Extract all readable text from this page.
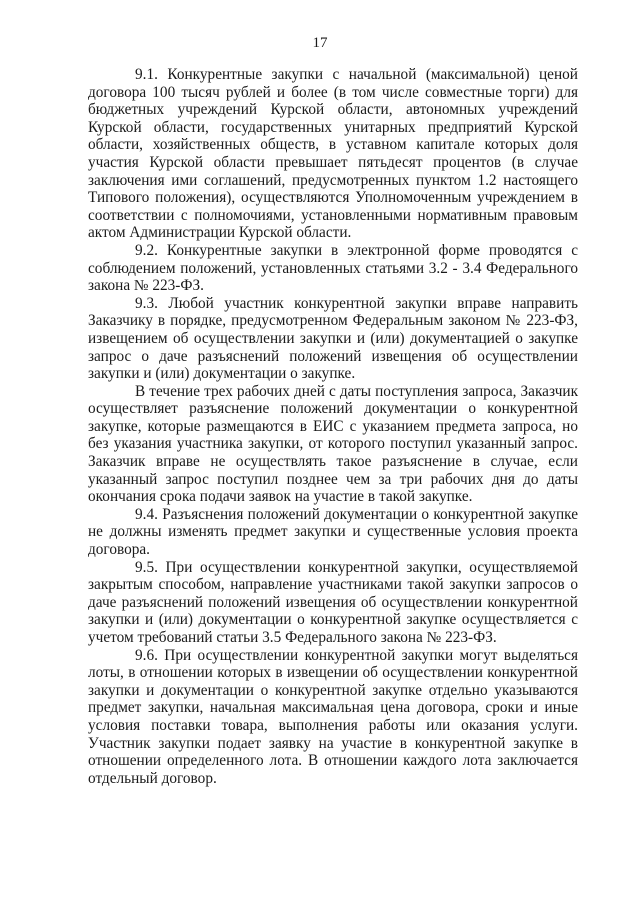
17

9.1. Конкурентные закупки с начальной (максимальной) ценой договора 100 тысяч рублей и более (в том числе совместные торги) для бюджетных учреждений Курской области, автономных учреждений Курской области, государственных унитарных предприятий Курской области, хозяйственных обществ, в уставном капитале которых доля участия Курской области превышает пятьдесят процентов (в случае заключения ими соглашений, предусмотренных пунктом 1.2 настоящего Типового положения), осуществляются Уполномоченным учреждением в соответствии с полномочиями, установленными нормативным правовым актом Администрации Курской области.

9.2. Конкурентные закупки в электронной форме проводятся с соблюдением положений, установленных статьями 3.2 - 3.4 Федерального закона № 223-ФЗ.

9.3. Любой участник конкурентной закупки вправе направить Заказчику в порядке, предусмотренном Федеральным законом № 223-ФЗ, извещением об осуществлении закупки и (или) документацией о закупке запрос о даче разъяснений положений извещения об осуществлении закупки и (или) документации о закупке.

В течение трех рабочих дней с даты поступления запроса, Заказчик осуществляет разъяснение положений документации о конкурентной закупке, которые размещаются в ЕИС с указанием предмета запроса, но без указания участника закупки, от которого поступил указанный запрос. Заказчик вправе не осуществлять такое разъяснение в случае, если указанный запрос поступил позднее чем за три рабочих дня до даты окончания срока подачи заявок на участие в такой закупке.

9.4. Разъяснения положений документации о конкурентной закупке не должны изменять предмет закупки и существенные условия проекта договора.

9.5. При осуществлении конкурентной закупки, осуществляемой закрытым способом, направление участниками такой закупки запросов о даче разъяснений положений извещения об осуществлении конкурентной закупки и (или) документации о конкурентной закупке осуществляется с учетом требований статьи 3.5 Федерального закона № 223-ФЗ.

9.6. При осуществлении конкурентной закупки могут выделяться лоты, в отношении которых в извещении об осуществлении конкурентной закупки и документации о конкурентной закупке отдельно указываются предмет закупки, начальная максимальная цена договора, сроки и иные условия поставки товара, выполнения работы или оказания услуги. Участник закупки подает заявку на участие в конкурентной закупке в отношении определенного лота. В отношении каждого лота заключается отдельный договор.
